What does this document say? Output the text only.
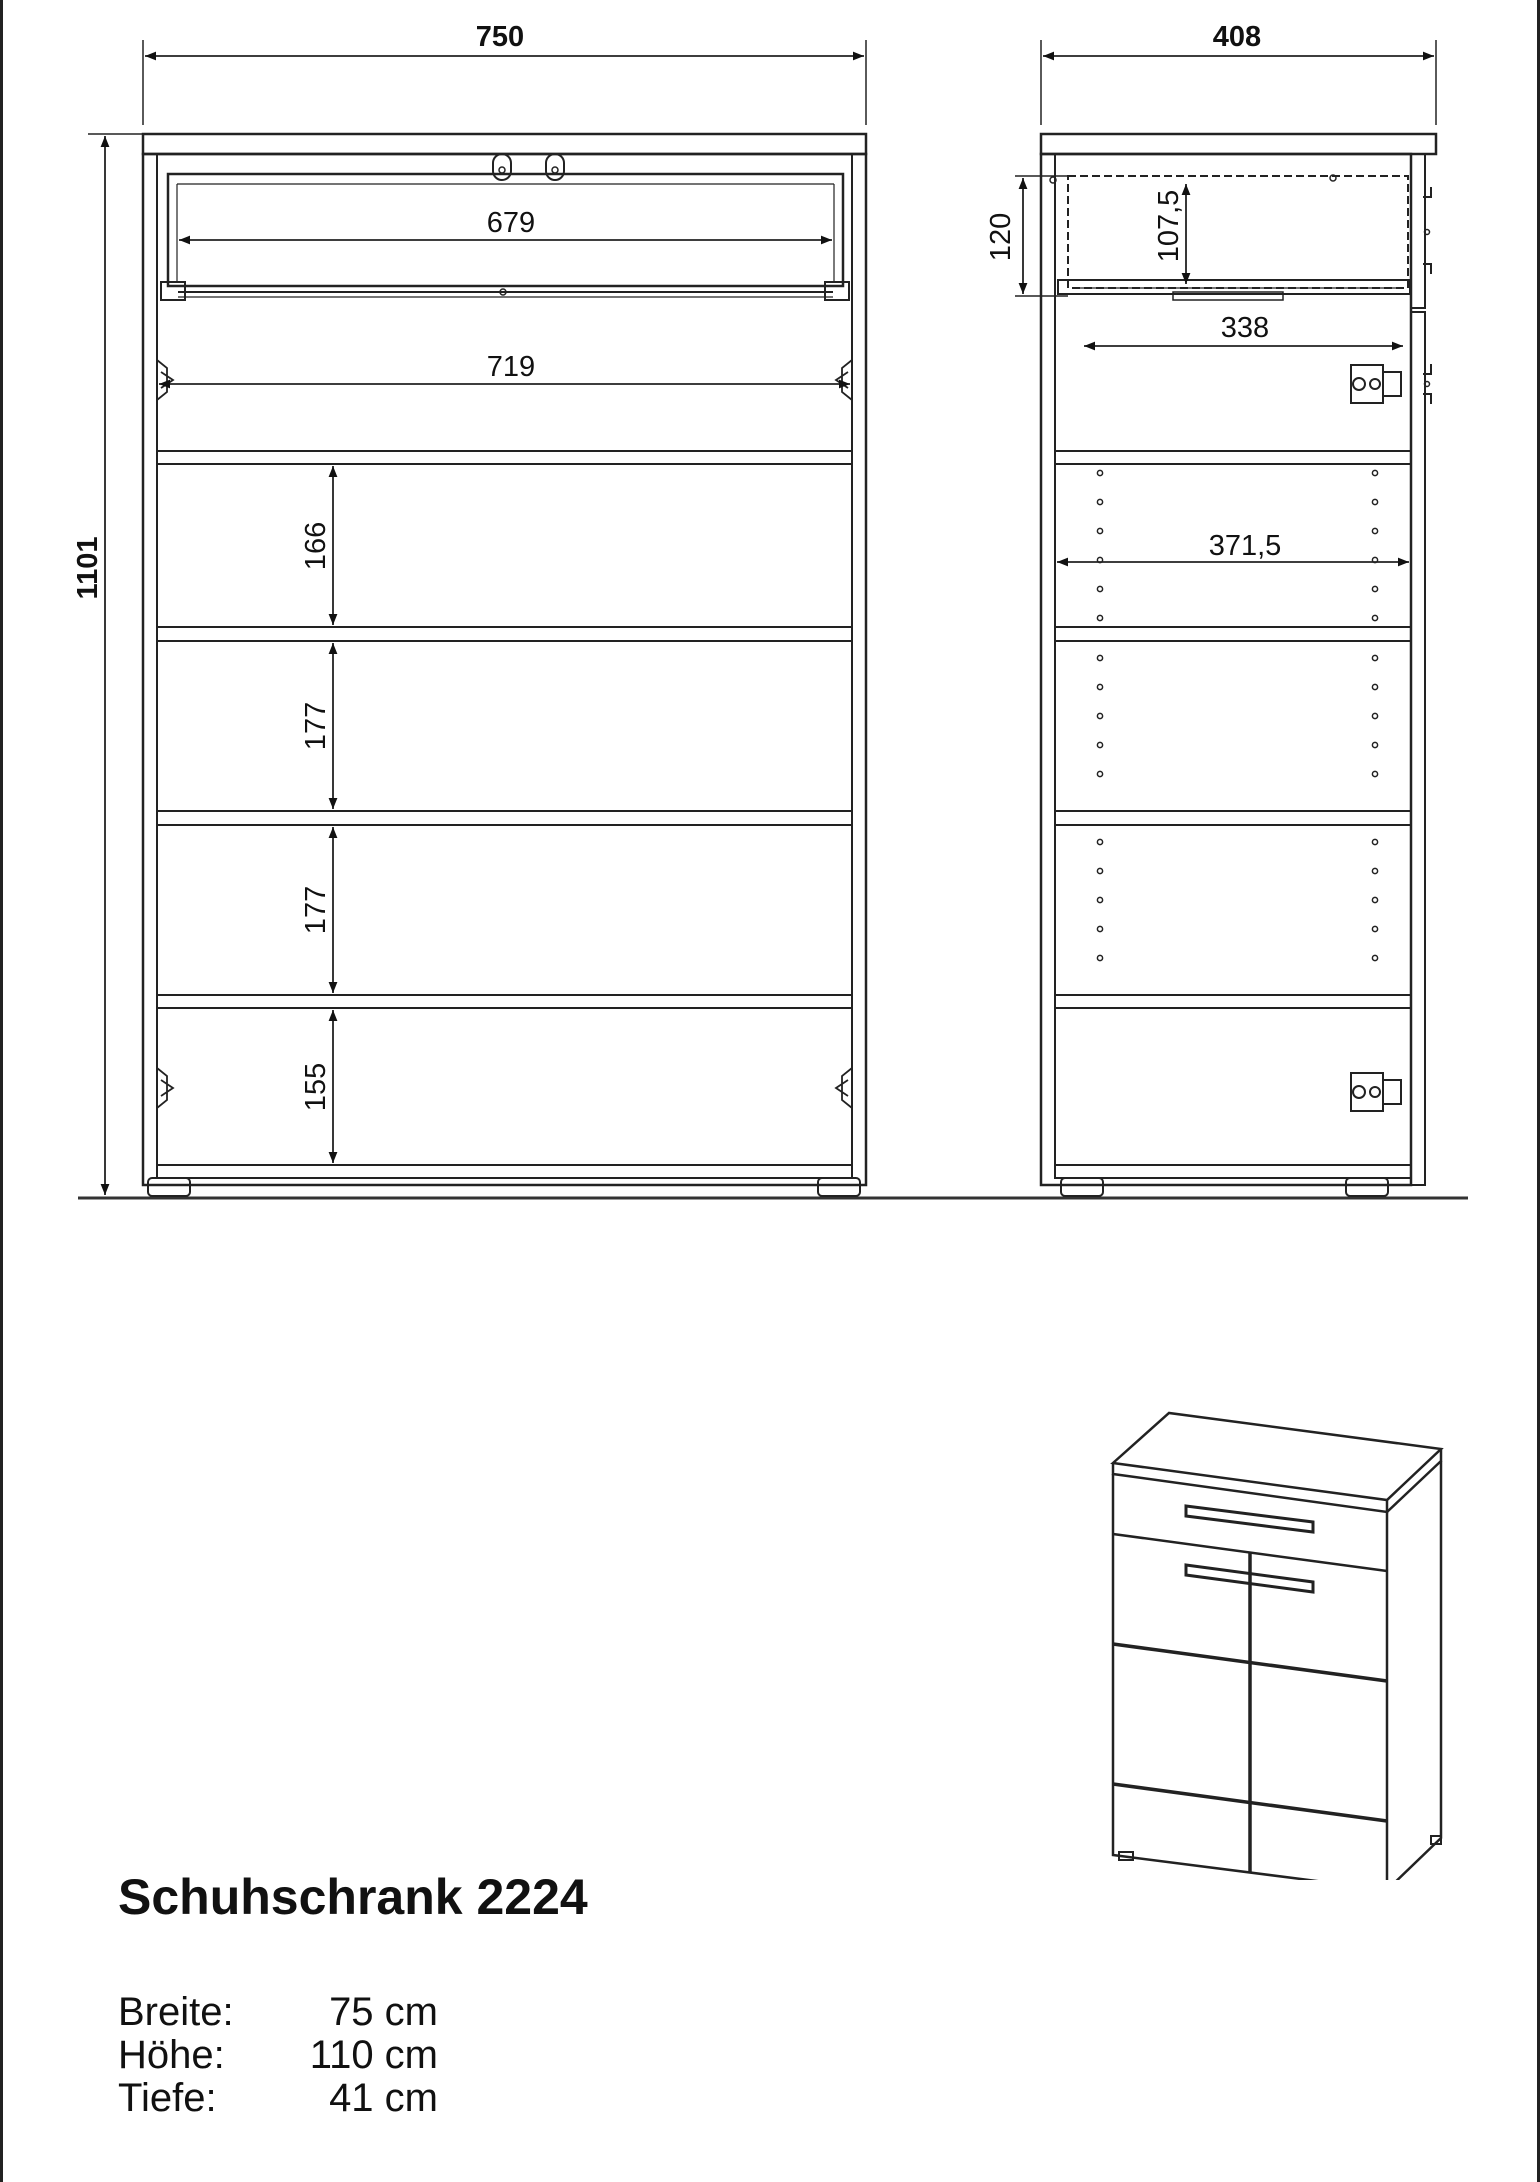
750
1101
679
719
166
177
177
155
408
120	107,5
338
371,5
Schuhschrank 2224
Breite: 75 cm
Höhe: 110 cm
Tiefe:	41 cm
